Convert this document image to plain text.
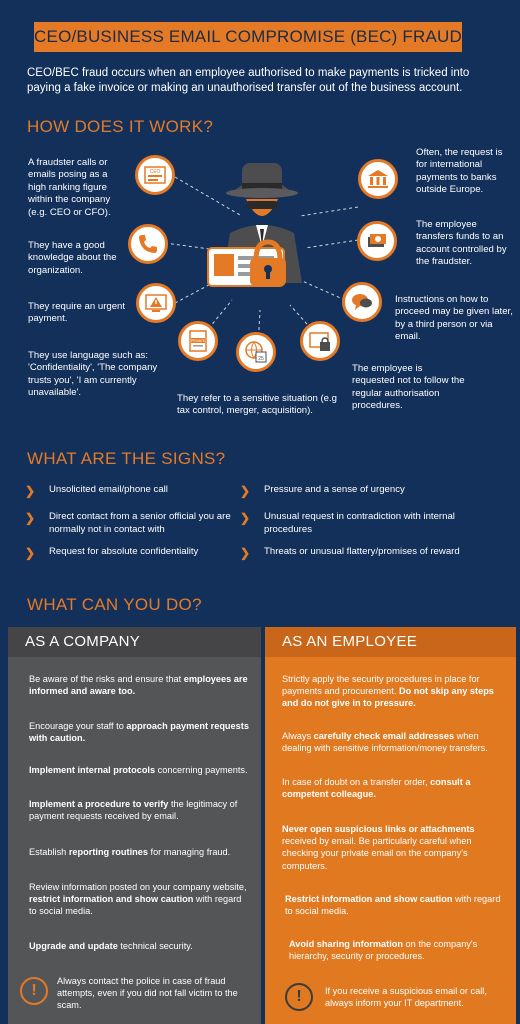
CEO/BUSINESS EMAIL COMPROMISE (BEC) FRAUD
CEO/BEC fraud occurs when an employee authorised to make payments is tricked into paying a fake invoice or making an unauthorised transfer out of the business account.
HOW DOES IT WORK?
CEO
PRIVATE
25
A fraudster calls or emails posing as a high ranking figure within the company (e.g. CEO or CFO).
They have a good knowledge about the organization.
They require an urgent payment.
They use language such as: 'Confidentiality', 'The company trusts you', 'I am currently unavailable'.
They refer to a sensitive situation (e.g tax control, merger, acquisition).
The employee is requested not to follow the regular authorisation procedures.
Often, the request is for international payments to banks outside Europe.
The employee transfers funds to an account controlled by the fraudster.
Instructions on how to proceed may be given later, by a third person or via email.
WHAT ARE THE SIGNS?
❯ Unsolicited email/phone call
❯ Direct contact from a senior official you are normally not in contact with
❯ Request for absolute confidentiality
❯ Pressure and a sense of urgency
❯ Unusual request in contradiction with internal procedures
❯ Threats or unusual flattery/promises of reward
WHAT CAN YOU DO?
AS A COMPANY
Be aware of the risks and ensure that employees are informed and aware too.
Encourage your staff to approach payment requests with caution.
Implement internal protocols concerning payments.
Implement a procedure to verify the legitimacy of payment requests received by email.
Establish reporting routines for managing fraud.
Review information posted on your company website, restrict information and show caution with regard to social media.
Upgrade and update technical security.
!
Always contact the police in case of fraud attempts, even if you did not fall victim to the scam.
AS AN EMPLOYEE
Strictly apply the security procedures in place for payments and procurement. Do not skip any steps and do not give in to pressure.
Always carefully check email addresses when dealing with sensitive information/money transfers.
In case of doubt on a transfer order, consult a competent colleague.
Never open suspicious links or attachments received by email. Be particularly careful when checking your private email on the company's computers.
Restrict information and show caution with regard to social media.
Avoid sharing information on the company's hierarchy, security or procedures.
!	If you receive a suspicious email or call, always inform your IT department.
